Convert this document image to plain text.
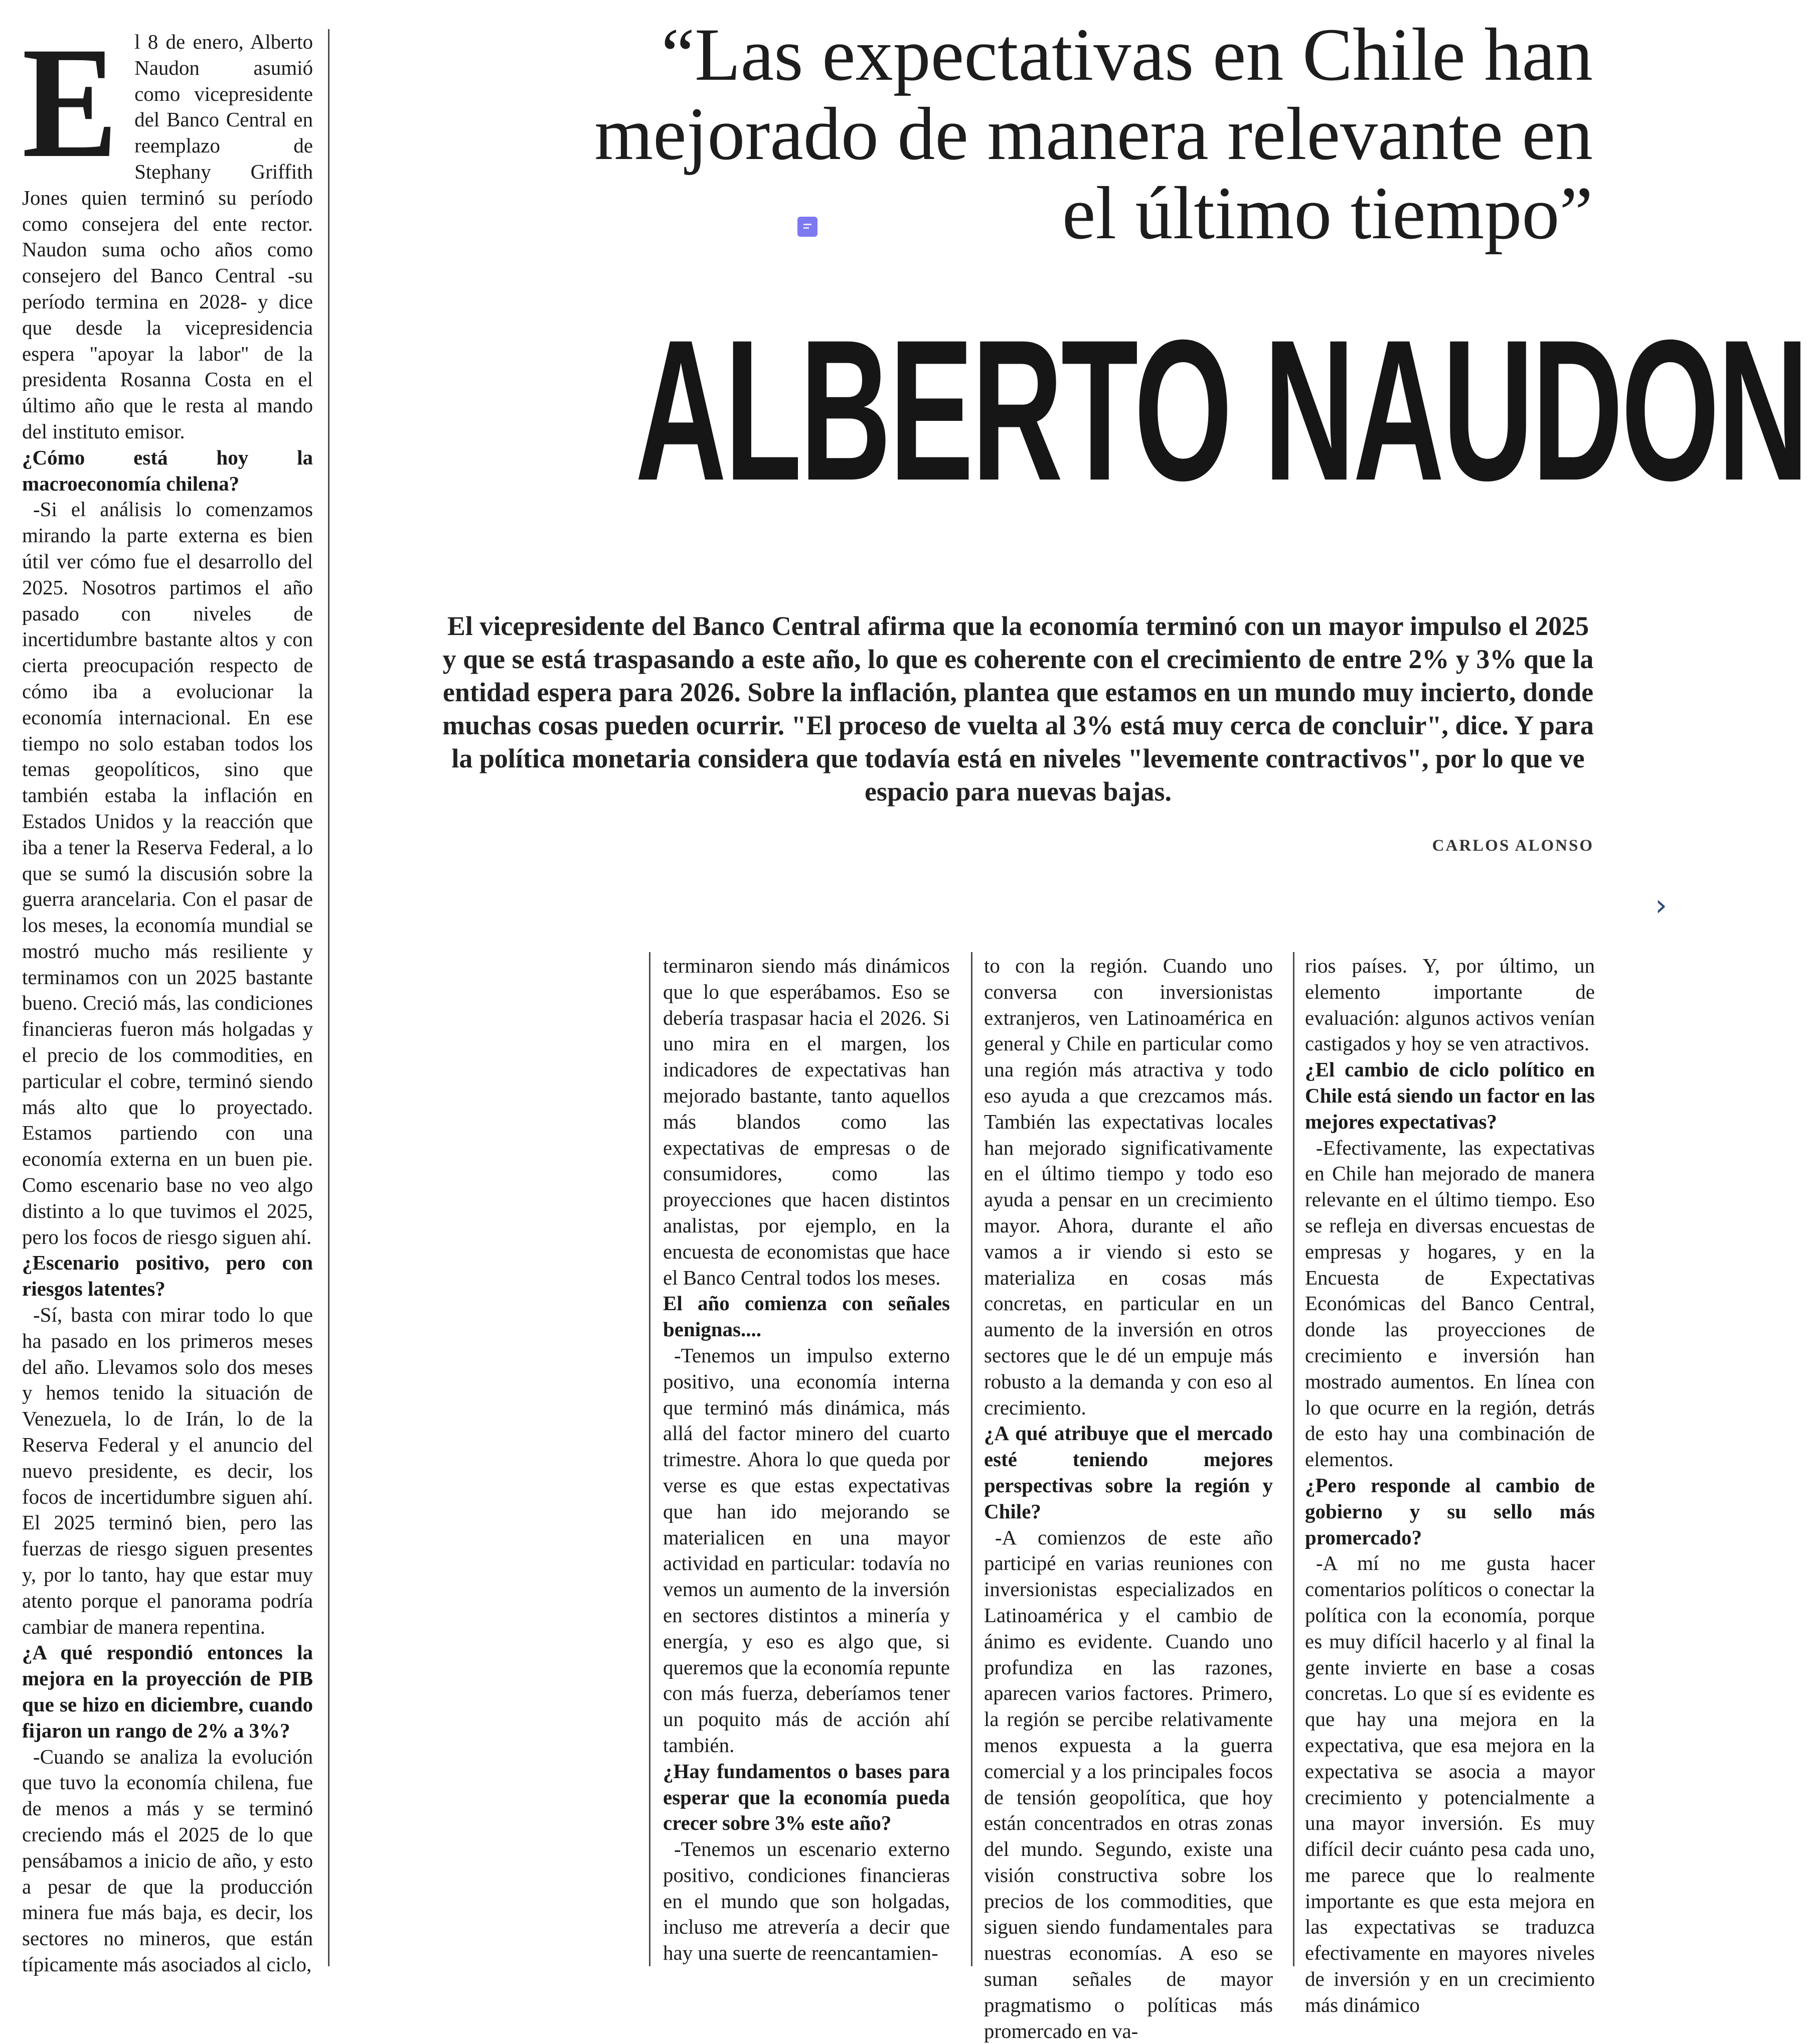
“Las expectativas en Chile han mejorado de manera relevante en el último tiempo”
ALBERTO NAUDON
El vicepresidente del Banco Central afirma que la economía terminó con un mayor impulso el 2025 y que se está traspasando a este año, lo que es coherente con el crecimiento de entre 2% y 3% que la entidad espera para 2026. Sobre la inflación, plantea que estamos en un mundo muy incierto, donde muchas cosas pueden ocurrir. "El proceso de vuelta al 3% está muy cerca de concluir", dice. Y para la política monetaria considera que todavía está en niveles "levemente contractivos", por lo que ve espacio para nuevas bajas.
CARLOS ALONSO
›

El 8 de enero, Alberto Naudon asumió como vicepresidente del Banco Central en reemplazo de Stephany Griffith Jones quien terminó su período como consejera del ente rector. Naudon suma ocho años como consejero del Banco Central -su período termina en 2028- y dice que desde la vicepresidencia espera "apoyar la labor" de la presidenta Rosanna Costa en el último año que le resta al mando del instituto emisor.

¿Cómo está hoy la macroeconomía chilena?

-Si el análisis lo comenzamos mirando la parte externa es bien útil ver cómo fue el desarrollo del 2025. Nosotros partimos el año pasado con niveles de incertidumbre bastante altos y con cierta preocupación respecto de cómo iba a evolucionar la economía internacional. En ese tiempo no solo estaban todos los temas geopolíticos, sino que también estaba la inflación en Estados Unidos y la reacción que iba a tener la Reserva Federal, a lo que se sumó la discusión sobre la guerra arancelaria. Con el pasar de los meses, la economía mundial se mostró mucho más resiliente y terminamos con un 2025 bastante bueno. Creció más, las condiciones financieras fueron más holgadas y el precio de los commodities, en particular el cobre, terminó siendo más alto que lo proyectado. Estamos partiendo con una economía externa en un buen pie. Como escenario base no veo algo distinto a lo que tuvimos el 2025, pero los focos de riesgo siguen ahí.

¿Escenario positivo, pero con riesgos latentes?

-Sí, basta con mirar todo lo que ha pasado en los primeros meses del año. Llevamos solo dos meses y hemos tenido la situación de Venezuela, lo de Irán, lo de la Reserva Federal y el anuncio del nuevo presidente, es decir, los focos de incertidumbre siguen ahí. El 2025 terminó bien, pero las fuerzas de riesgo siguen presentes y, por lo tanto, hay que estar muy atento porque el panorama podría cambiar de manera repentina.

¿A qué respondió entonces la mejora en la proyección de PIB que se hizo en diciembre, cuando fijaron un rango de 2% a 3%?

-Cuando se analiza la evolución que tuvo la economía chilena, fue de menos a más y se terminó creciendo más el 2025 de lo que pensábamos a inicio de año, y esto a pesar de que la producción minera fue más baja, es decir, los sectores no mineros, que están típicamente más asociados al ciclo,

terminaron siendo más dinámicos que lo que esperábamos. Eso se debería traspasar hacia el 2026. Si uno mira en el margen, los indicadores de expectativas han mejorado bastante, tanto aquellos más blandos como las expectativas de empresas o de consumidores, como las proyecciones que hacen distintos analistas, por ejemplo, en la encuesta de economistas que hace el Banco Central todos los meses.

El año comienza con señales benignas....

-Tenemos un impulso externo positivo, una economía interna que terminó más dinámica, más allá del factor minero del cuarto trimestre. Ahora lo que queda por verse es que estas expectativas que han ido mejorando se materialicen en una mayor actividad en particular: todavía no vemos un aumento de la inversión en sectores distintos a minería y energía, y eso es algo que, si queremos que la economía repunte con más fuerza, deberíamos tener un poquito más de acción ahí también.

¿Hay fundamentos o bases para esperar que la economía pueda crecer sobre 3% este año?

-Tenemos un escenario externo positivo, condiciones financieras en el mundo que son holgadas, incluso me atrevería a decir que hay una suerte de reencantamien-

to con la región. Cuando uno conversa con inversionistas extranjeros, ven Latinoamérica en general y Chile en particular como una región más atractiva y todo eso ayuda a que crezcamos más. También las expectativas locales han mejorado significativamente en el último tiempo y todo eso ayuda a pensar en un crecimiento mayor. Ahora, durante el año vamos a ir viendo si esto se materializa en cosas más concretas, en particular en un aumento de la inversión en otros sectores que le dé un empuje más robusto a la demanda y con eso al crecimiento.

¿A qué atribuye que el mercado esté teniendo mejores perspectivas sobre la región y Chile?

-A comienzos de este año participé en varias reuniones con inversionistas especializados en Latinoamérica y el cambio de ánimo es evidente. Cuando uno profundiza en las razones, aparecen varios factores. Primero, la región se percibe relativamente menos expuesta a la guerra comercial y a los principales focos de tensión geopolítica, que hoy están concentrados en otras zonas del mundo. Segundo, existe una visión constructiva sobre los precios de los commodities, que siguen siendo fundamentales para nuestras economías. A eso se suman señales de mayor pragmatismo o políticas más promercado en va-

rios países. Y, por último, un elemento importante de evaluación: algunos activos venían castigados y hoy se ven atractivos.

¿El cambio de ciclo político en Chile está siendo un factor en las mejores expectativas?

-Efectivamente, las expectativas en Chile han mejorado de manera relevante en el último tiempo. Eso se refleja en diversas encuestas de empresas y hogares, y en la Encuesta de Expectativas Económicas del Banco Central, donde las proyecciones de crecimiento e inversión han mostrado aumentos. En línea con lo que ocurre en la región, detrás de esto hay una combinación de elementos.

¿Pero responde al cambio de gobierno y su sello más promercado?

-A mí no me gusta hacer comentarios políticos o conectar la política con la economía, porque es muy difícil hacerlo y al final la gente invierte en base a cosas concretas. Lo que sí es evidente es que hay una mejora en la expectativa, que esa mejora en la expectativa se asocia a mayor crecimiento y potencialmente a una mayor inversión. Es muy difícil decir cuánto pesa cada uno, me parece que lo realmente importante es que esta mejora en las expectativas se traduzca efectivamente en mayores niveles de inversión y en un crecimiento más dinámico
